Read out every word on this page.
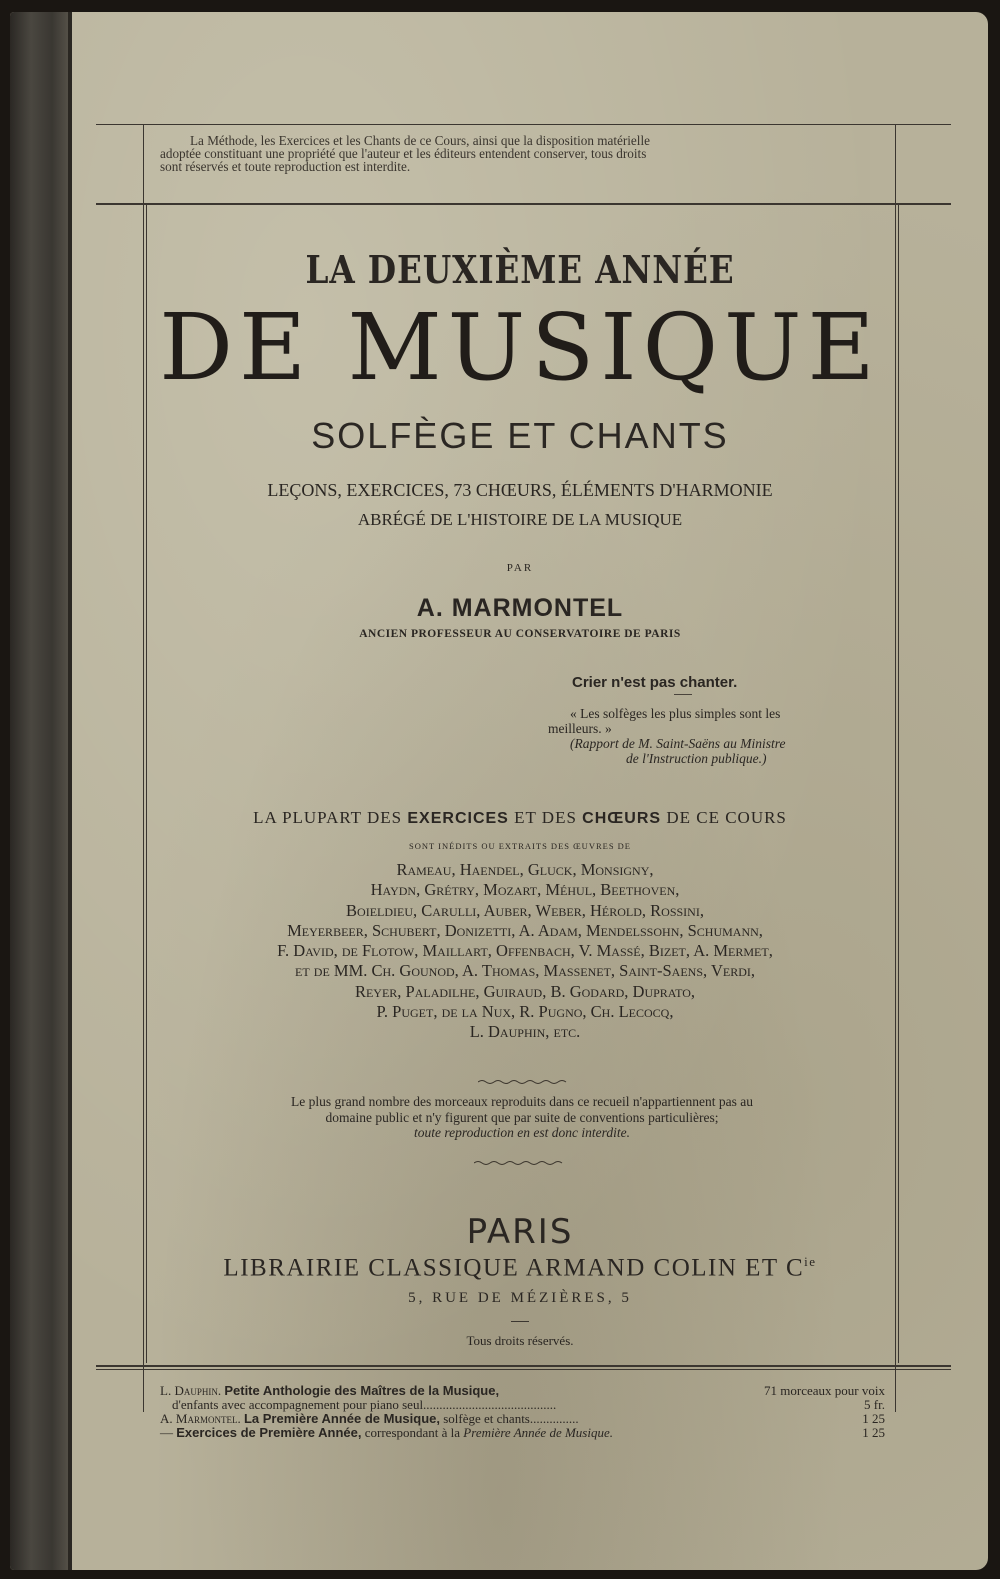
La Méthode, les Exercices et les Chants de ce Cours, ainsi que la disposition matérielle

adoptée constituant une propriété que l'auteur et les éditeurs entendent conserver, tous droits

sont réservés et toute reproduction est interdite.

LA DEUXIÈME ANNÉE
DE MUSIQUE
SOLFÈGE ET CHANTS
LEÇONS, EXERCICES, 73 CHŒURS, ÉLÉMENTS D'HARMONIE
ABRÉGÉ DE L'HISTOIRE DE LA MUSIQUE
PAR
A. MARMONTEL
ANCIEN PROFESSEUR AU CONSERVATOIRE DE PARIS
Crier n'est pas chanter.
« Les solfèges les plus simples sont les
meilleurs. »
(Rapport de M. Saint-Saëns au Ministre
de l'Instruction publique.)
LA PLUPART DES EXERCICES ET DES CHŒURS DE CE COURS
SONT INÉDITS OU EXTRAITS DES ŒUVRES DE
Rameau, Haendel, Gluck, Monsigny,
Haydn, Grétry, Mozart, Méhul, Beethoven,
Boieldieu, Carulli, Auber, Weber, Hérold, Rossini,
Meyerbeer, Schubert, Donizetti, A. Adam, Mendelssohn, Schumann,
F. David, de Flotow, Maillart, Offenbach, V. Massé, Bizet, A. Mermet,
et de MM. Ch. Gounod, A. Thomas, Massenet, Saint-Saens, Verdi,
Reyer, Paladilhe, Guiraud, B. Godard, Duprato,
P. Puget, de la Nux, R. Pugno, Ch. Lecocq,
L. Dauphin, etc.
Le plus grand nombre des morceaux reproduits dans ce recueil n'appartiennent pas au
domaine public et n'y figurent que par suite de conventions particulières;
toute reproduction en est donc interdite.
PARIS
LIBRAIRIE CLASSIQUE ARMAND COLIN ET $C^{ie}$
5, RUE DE MÉZIÈRES, 5
Tous droits réservés.
L. Dauphin. Petite Anthologie des Maîtres de la Musique,	71 morceaux pour voix
d'enfants avec accompagnement pour piano seul.........................................	5 fr.
A. Marmontel. La Première Année de Musique, solfège et chants...............	1 25
— Exercices de Première Année, correspondant à la Première Année de Musique.	1 25
